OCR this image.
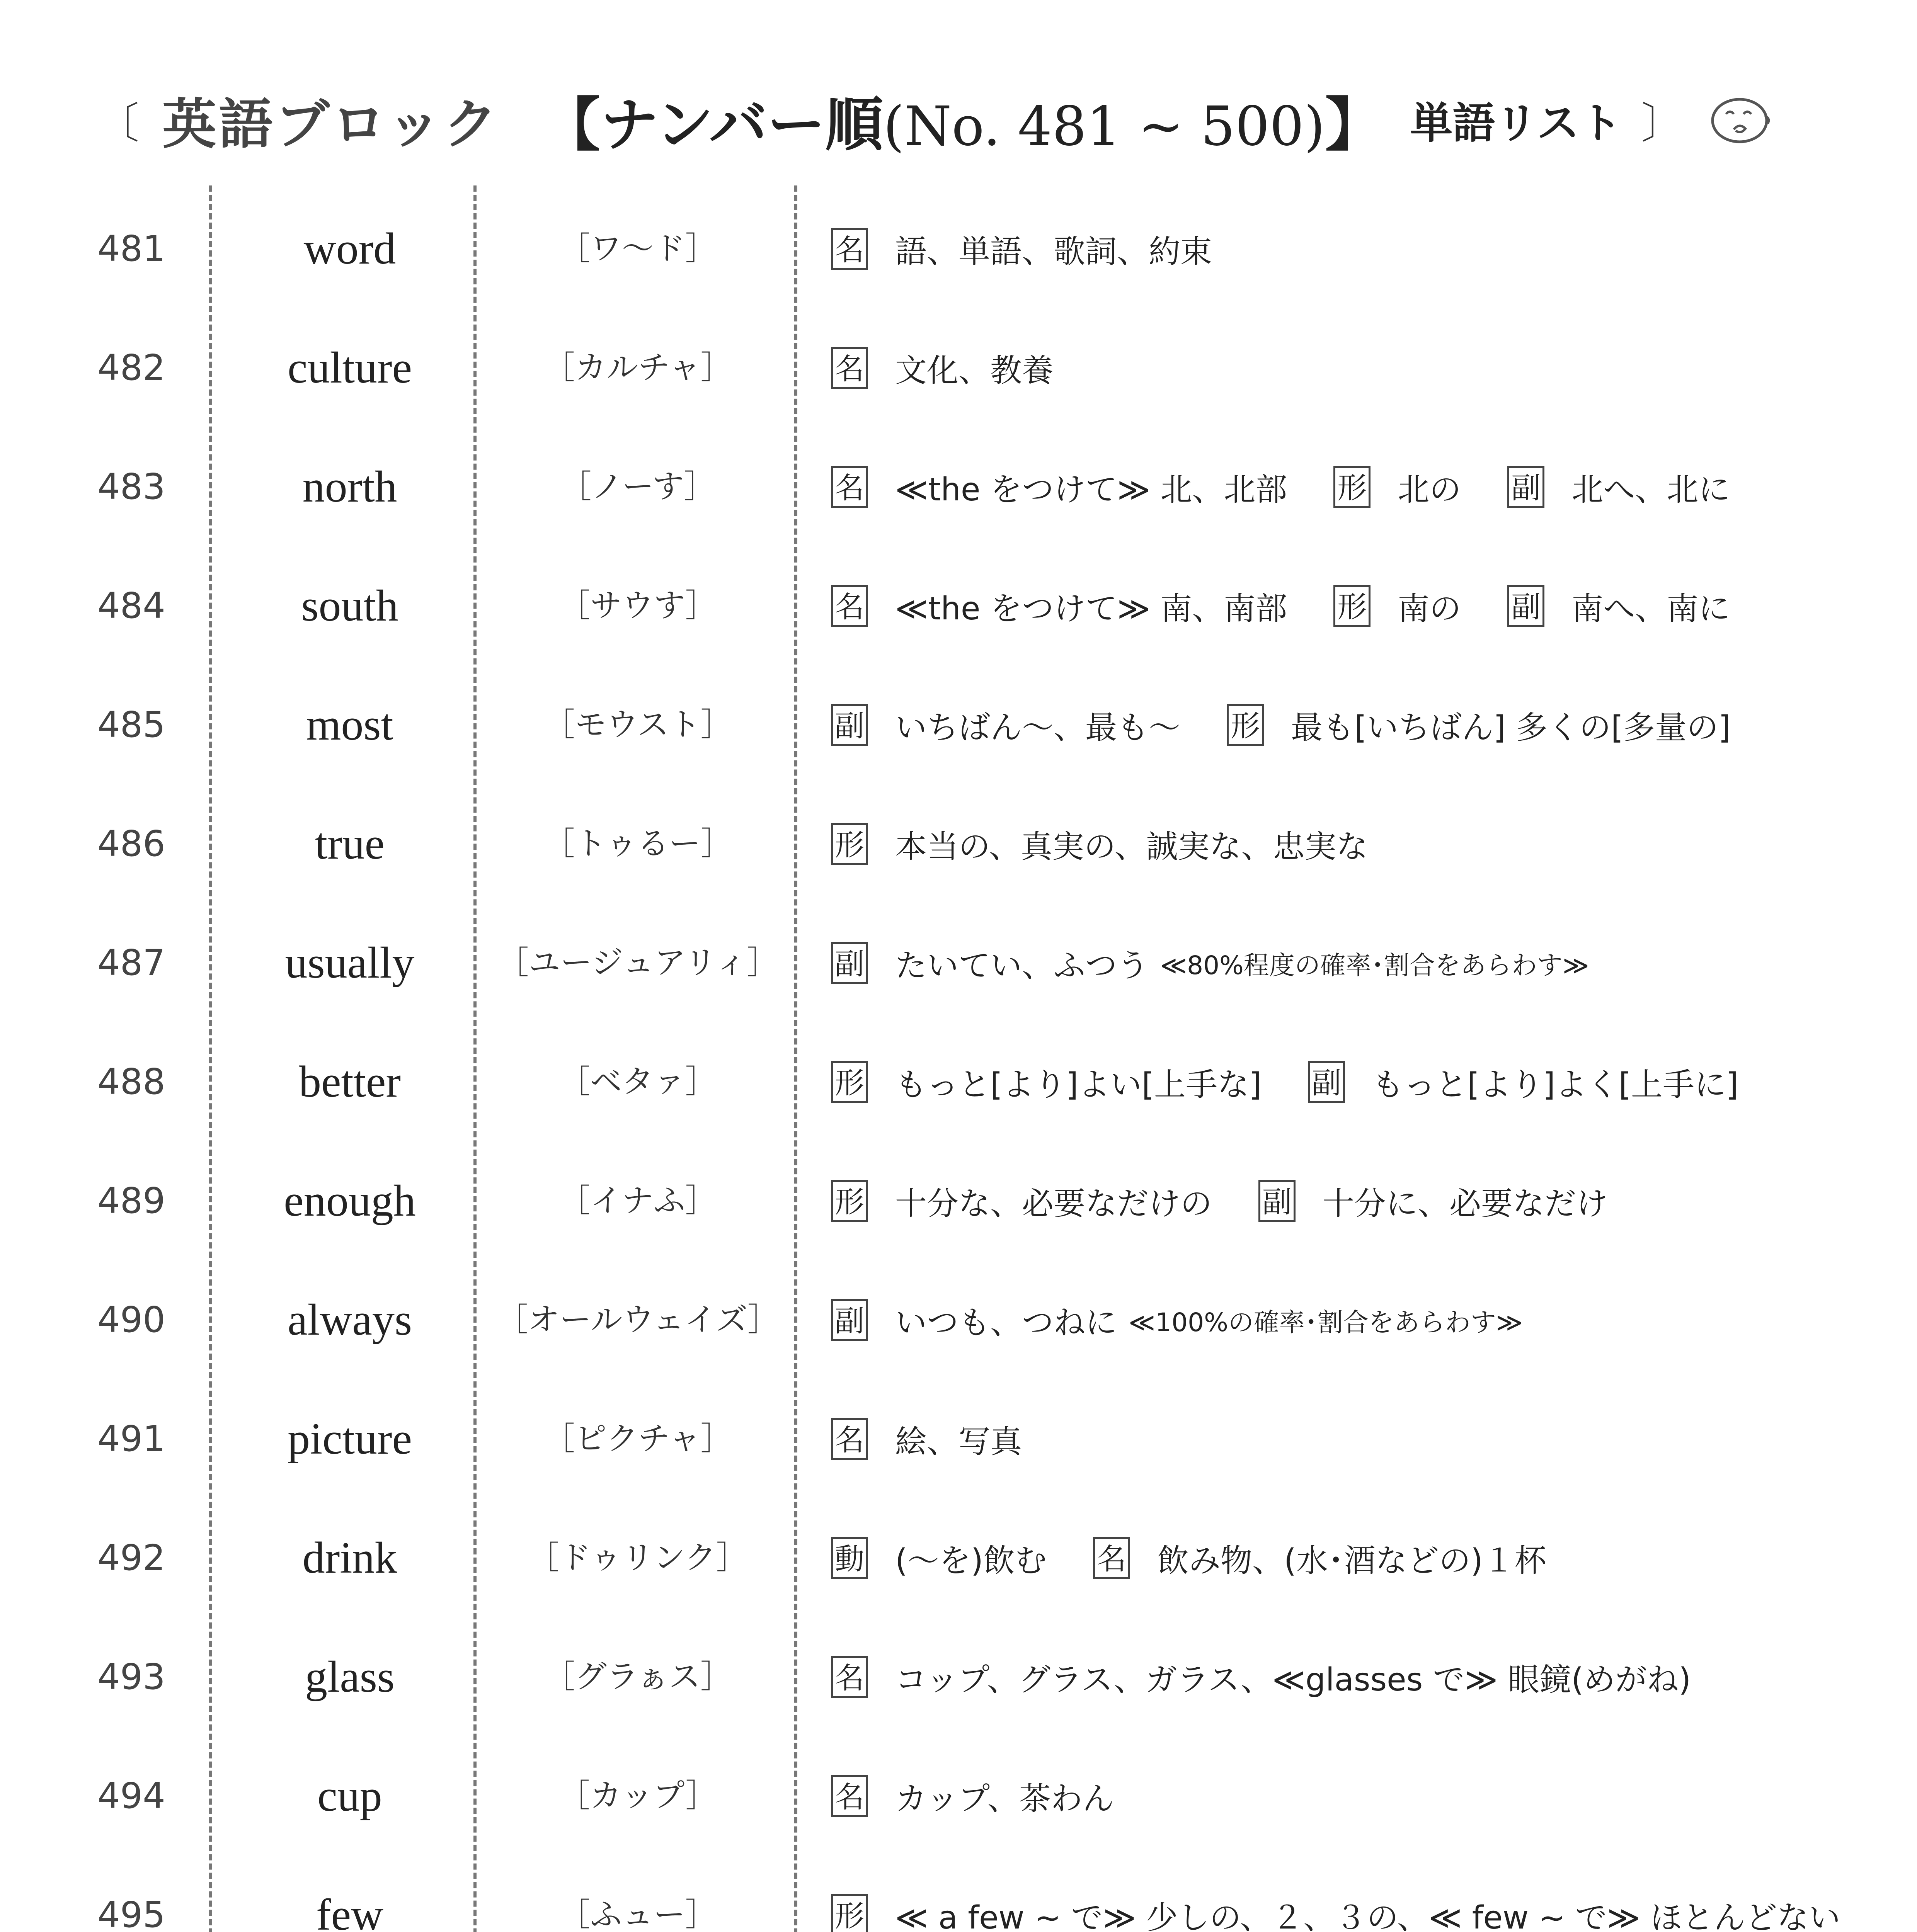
〔 英語ブロック 【ナンバー順(No. 481 ~ 500)】 単語リスト 〕
481	word	［ワ～ド］	名 語、単語、歌詞、約束
482	culture	［カルチャ］	名 文化、教養
483	north	［ノーす］	名 ≪the をつけて≫ 北、北部 形 北の 副 北へ、北に
484	south	［サウす］	名 ≪the をつけて≫ 南、南部 形 南の 副 南へ、南に
485	most	［モウスト］	副 いちばん～、最も～ 形 最も[いちばん] 多くの[多量の]
486	true	［トゥるー］	形 本当の、真実の、誠実な、忠実な
487	usually	［ユージュアリィ］	副 たいてい、ふつう ≪80%程度の確率･割合をあらわす≫
488	better	［ベタァ］	形 もっと[より]よい[上手な] 副 もっと[より]よく[上手に]
489	enough	［イナふ］	形 十分な、必要なだけの 副 十分に、必要なだけ
490	always	［オールウェイズ］	副 いつも、つねに ≪100%の確率･割合をあらわす≫
491	picture	［ピクチャ］	名 絵、写真
492	drink	［ドゥリンク］	動 (～を)飲む 名 飲み物、(水･酒などの)１杯
493	glass	［グラぁス］	名 コップ、グラス、ガラス、≪glasses で≫ 眼鏡(めがね)
494	cup	［カップ］	名 カップ、茶わん
495	few	［ふュー］	形 ≪ a few ~ で≫ 少しの、２、３の、≪ few ~ で≫ ほとんどない
